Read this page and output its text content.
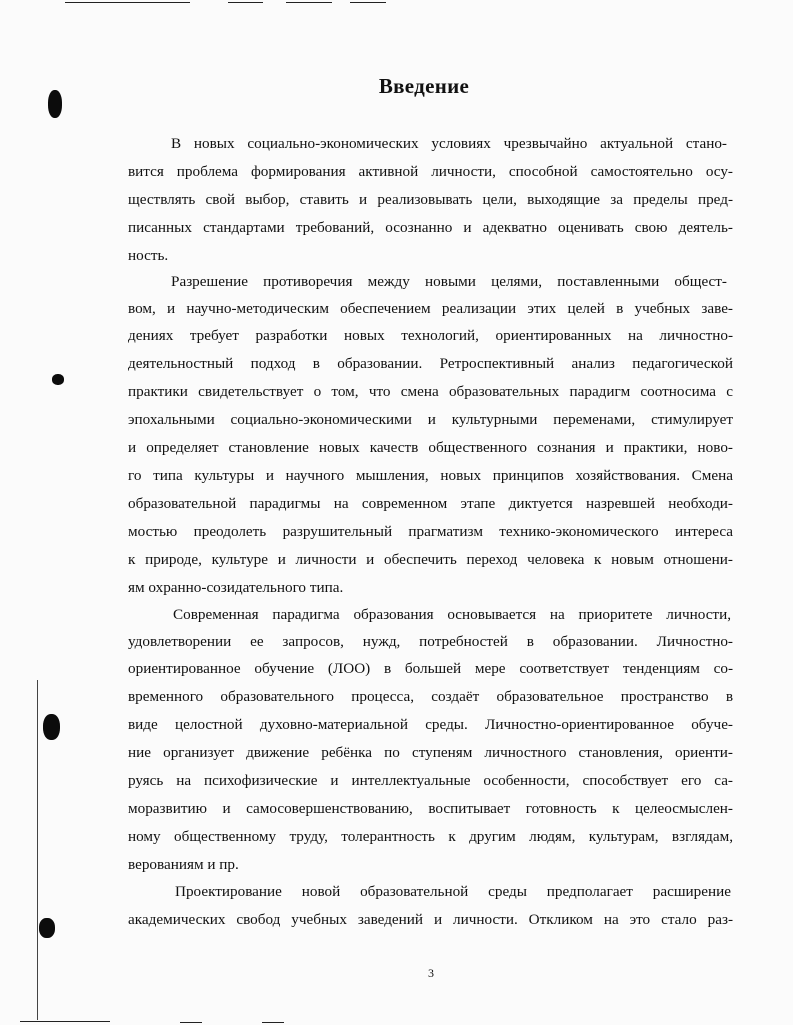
Введение
В новых социально-экономических условиях чрезвычайно актуальной стано-
вится проблема формирования активной личности, способной самостоятельно осу-
ществлять свой выбор, ставить и реализовывать цели, выходящие за пределы пред-
писанных стандартами требований, осознанно и адекватно оценивать свою деятель-
ность.
Разрешение противоречия между новыми целями, поставленными общест-
вом, и научно-методическим обеспечением реализации этих целей в учебных заве-
дениях требует разработки новых технологий, ориентированных на личностно-
деятельностный подход в образовании. Ретроспективный анализ педагогической
практики свидетельствует о том, что смена образовательных парадигм соотносима с
эпохальными социально-экономическими и культурными переменами, стимулирует
и определяет становление новых качеств общественного сознания и практики, ново-
го типа культуры и научного мышления, новых принципов хозяйствования. Смена
образовательной парадигмы на современном этапе диктуется назревшей необходи-
мостью преодолеть разрушительный прагматизм технико-экономического интереса
к природе, культуре и личности и обеспечить переход человека к новым отношени-
ям охранно-созидательного типа.
Современная парадигма образования основывается на приоритете личности,
удовлетворении ее запросов, нужд, потребностей в образовании. Личностно-
ориентированное обучение (ЛОО) в большей мере соответствует тенденциям со-
временного образовательного процесса, создаёт образовательное пространство в
виде целостной духовно-материальной среды. Личностно-ориентированное обуче-
ние организует движение ребёнка по ступеням личностного становления, ориенти-
руясь на психофизические и интеллектуальные особенности, способствует его са-
моразвитию и самосовершенствованию, воспитывает готовность к целеосмыслен-
ному общественному труду, толерантность к другим людям, культурам, взглядам,
верованиям и пр.
Проектирование новой образовательной среды предполагает расширение
академических свобод учебных заведений и личности. Откликом на это стало раз-
3
